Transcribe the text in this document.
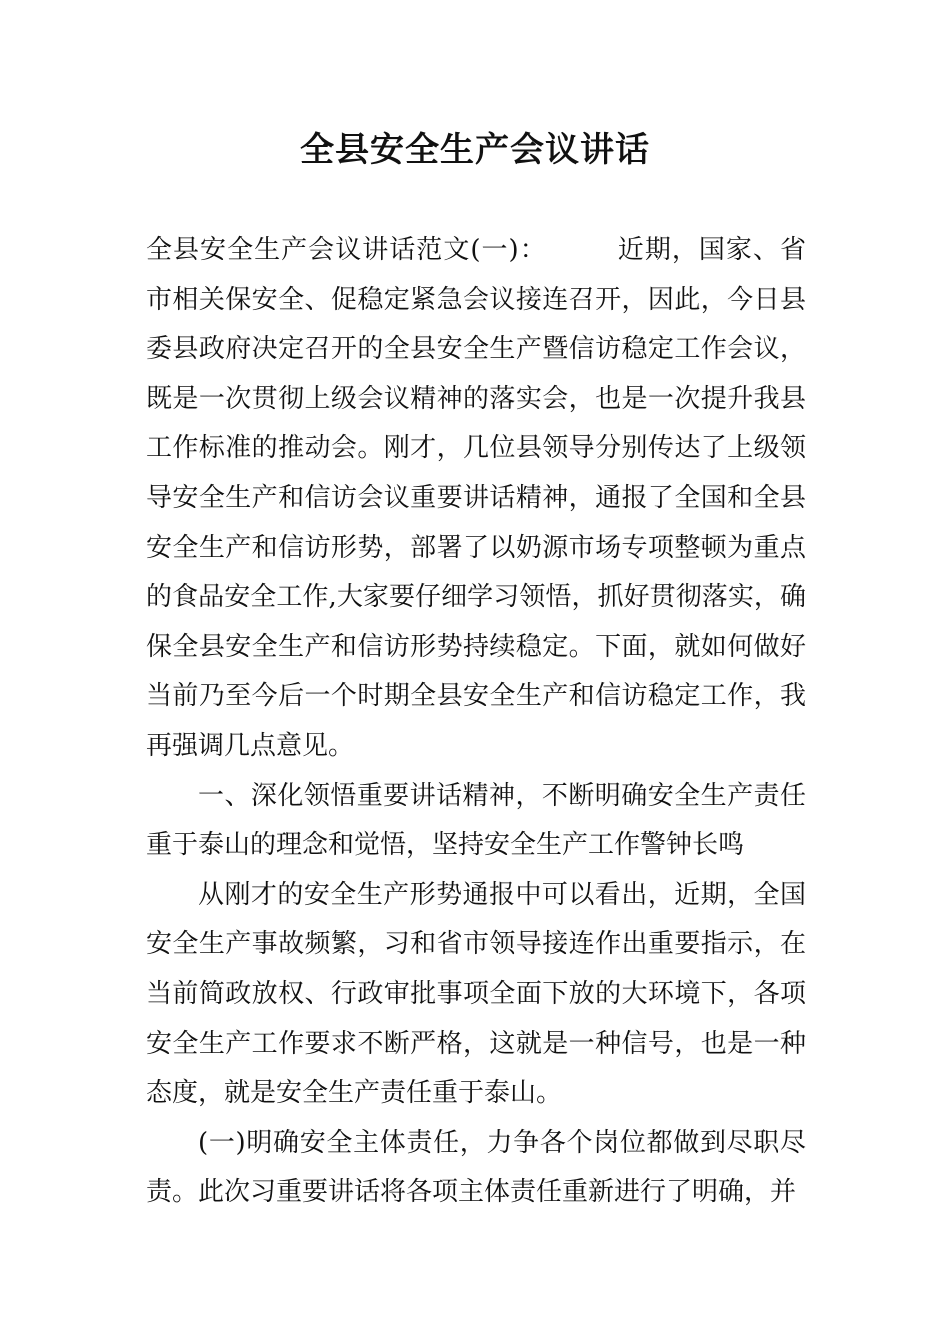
全县安全生产会议讲话

全县安全生产会议讲话范文(一)：	近期，国家、省市相关保安全、促稳定紧急会议接连召开，因此，今日县委县政府决定召开的全县安全生产暨信访稳定工作会议，既是一次贯彻上级会议精神的落实会，也是一次提升我县工作标准的推动会。刚才，几位县领导分别传达了上级领导安全生产和信访会议重要讲话精神，通报了全国和全县安全生产和信访形势，部署了以奶源市场专项整顿为重点的食品安全工作,大家要仔细学习领悟，抓好贯彻落实，确保全县安全生产和信访形势持续稳定。下面，就如何做好当前乃至今后一个时期全县安全生产和信访稳定工作，我再强调几点意见。

一、深化领悟重要讲话精神，不断明确安全生产责任重于泰山的理念和觉悟，坚持安全生产工作警钟长鸣

从刚才的安全生产形势通报中可以看出，近期，全国安全生产事故频繁，习和省市领导接连作出重要指示，在当前简政放权、行政审批事项全面下放的大环境下，各项安全生产工作要求不断严格，这就是一种信号，也是一种态度，就是安全生产责任重于泰山。

(一)明确安全主体责任，力争各个岗位都做到尽职尽责。此次习重要讲话将各项主体责任重新进行了明确，并
